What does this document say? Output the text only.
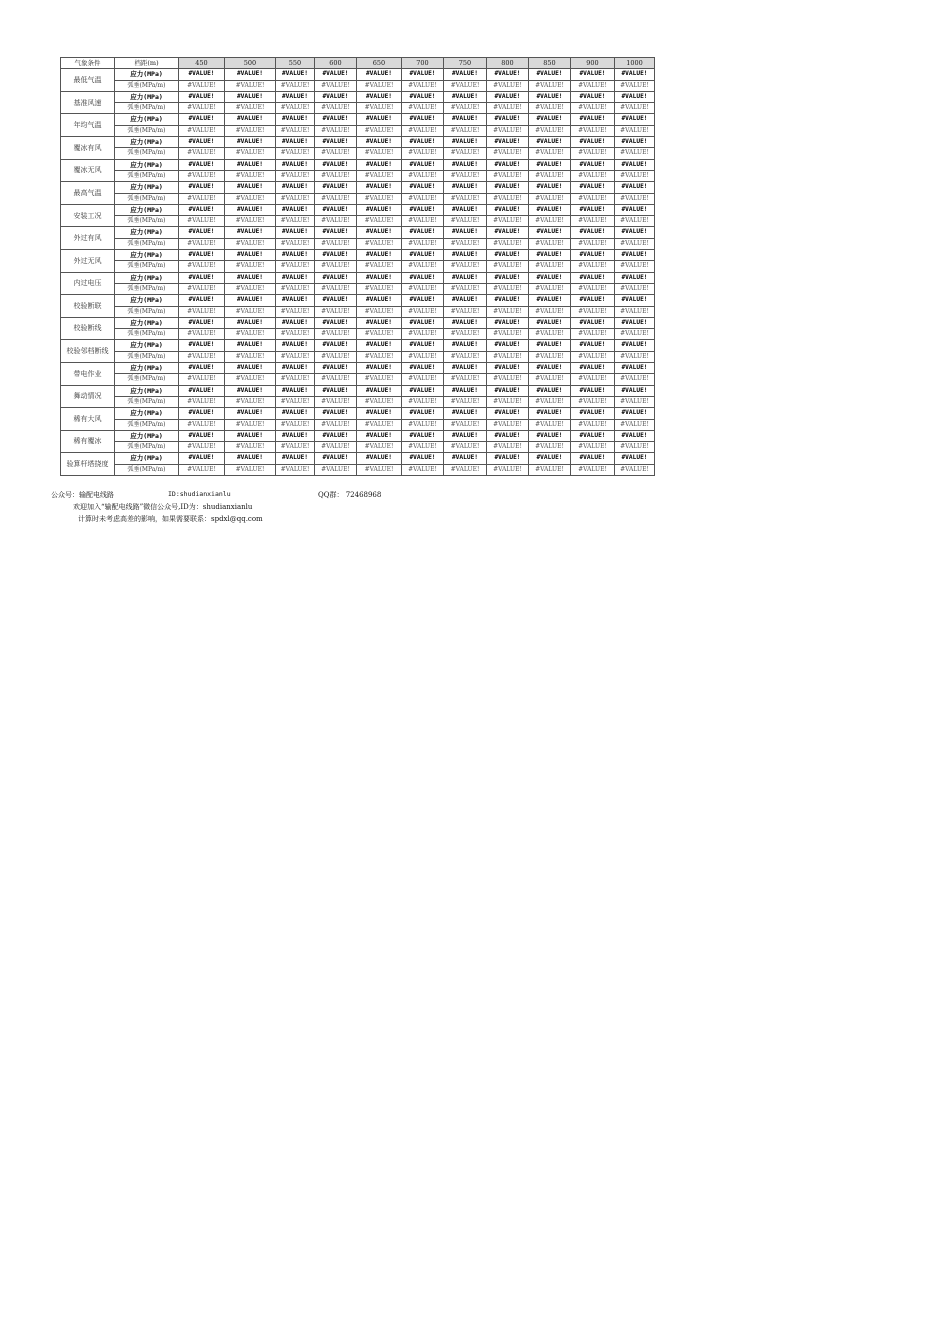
气象条件	档距(m)	450	500	550	600	650	700	750	800	850	900	1000
最低气温	应力(MPa)	#VALUE!	#VALUE!	#VALUE!	#VALUE!	#VALUE!	#VALUE!	#VALUE!	#VALUE!	#VALUE!	#VALUE!	#VALUE!
	弧垂(MPa/m)	#VALUE!	#VALUE!	#VALUE!	#VALUE!	#VALUE!	#VALUE!	#VALUE!	#VALUE!	#VALUE!	#VALUE!	#VALUE!
基准风速	应力(MPa)	#VALUE!	#VALUE!	#VALUE!	#VALUE!	#VALUE!	#VALUE!	#VALUE!	#VALUE!	#VALUE!	#VALUE!	#VALUE!
	弧垂(MPa/m)	#VALUE!	#VALUE!	#VALUE!	#VALUE!	#VALUE!	#VALUE!	#VALUE!	#VALUE!	#VALUE!	#VALUE!	#VALUE!
年均气温	应力(MPa)	#VALUE!	#VALUE!	#VALUE!	#VALUE!	#VALUE!	#VALUE!	#VALUE!	#VALUE!	#VALUE!	#VALUE!	#VALUE!
	弧垂(MPa/m)	#VALUE!	#VALUE!	#VALUE!	#VALUE!	#VALUE!	#VALUE!	#VALUE!	#VALUE!	#VALUE!	#VALUE!	#VALUE!
覆冰有风	应力(MPa)	#VALUE!	#VALUE!	#VALUE!	#VALUE!	#VALUE!	#VALUE!	#VALUE!	#VALUE!	#VALUE!	#VALUE!	#VALUE!
	弧垂(MPa/m)	#VALUE!	#VALUE!	#VALUE!	#VALUE!	#VALUE!	#VALUE!	#VALUE!	#VALUE!	#VALUE!	#VALUE!	#VALUE!
覆冰无风	应力(MPa)	#VALUE!	#VALUE!	#VALUE!	#VALUE!	#VALUE!	#VALUE!	#VALUE!	#VALUE!	#VALUE!	#VALUE!	#VALUE!
	弧垂(MPa/m)	#VALUE!	#VALUE!	#VALUE!	#VALUE!	#VALUE!	#VALUE!	#VALUE!	#VALUE!	#VALUE!	#VALUE!	#VALUE!
最高气温	应力(MPa)	#VALUE!	#VALUE!	#VALUE!	#VALUE!	#VALUE!	#VALUE!	#VALUE!	#VALUE!	#VALUE!	#VALUE!	#VALUE!
	弧垂(MPa/m)	#VALUE!	#VALUE!	#VALUE!	#VALUE!	#VALUE!	#VALUE!	#VALUE!	#VALUE!	#VALUE!	#VALUE!	#VALUE!
安装工况	应力(MPa)	#VALUE!	#VALUE!	#VALUE!	#VALUE!	#VALUE!	#VALUE!	#VALUE!	#VALUE!	#VALUE!	#VALUE!	#VALUE!
	弧垂(MPa/m)	#VALUE!	#VALUE!	#VALUE!	#VALUE!	#VALUE!	#VALUE!	#VALUE!	#VALUE!	#VALUE!	#VALUE!	#VALUE!
外过有风	应力(MPa)	#VALUE!	#VALUE!	#VALUE!	#VALUE!	#VALUE!	#VALUE!	#VALUE!	#VALUE!	#VALUE!	#VALUE!	#VALUE!
	弧垂(MPa/m)	#VALUE!	#VALUE!	#VALUE!	#VALUE!	#VALUE!	#VALUE!	#VALUE!	#VALUE!	#VALUE!	#VALUE!	#VALUE!
外过无风	应力(MPa)	#VALUE!	#VALUE!	#VALUE!	#VALUE!	#VALUE!	#VALUE!	#VALUE!	#VALUE!	#VALUE!	#VALUE!	#VALUE!
	弧垂(MPa/m)	#VALUE!	#VALUE!	#VALUE!	#VALUE!	#VALUE!	#VALUE!	#VALUE!	#VALUE!	#VALUE!	#VALUE!	#VALUE!
内过电压	应力(MPa)	#VALUE!	#VALUE!	#VALUE!	#VALUE!	#VALUE!	#VALUE!	#VALUE!	#VALUE!	#VALUE!	#VALUE!	#VALUE!
	弧垂(MPa/m)	#VALUE!	#VALUE!	#VALUE!	#VALUE!	#VALUE!	#VALUE!	#VALUE!	#VALUE!	#VALUE!	#VALUE!	#VALUE!
校验断联	应力(MPa)	#VALUE!	#VALUE!	#VALUE!	#VALUE!	#VALUE!	#VALUE!	#VALUE!	#VALUE!	#VALUE!	#VALUE!	#VALUE!
	弧垂(MPa/m)	#VALUE!	#VALUE!	#VALUE!	#VALUE!	#VALUE!	#VALUE!	#VALUE!	#VALUE!	#VALUE!	#VALUE!	#VALUE!
校验断线	应力(MPa)	#VALUE!	#VALUE!	#VALUE!	#VALUE!	#VALUE!	#VALUE!	#VALUE!	#VALUE!	#VALUE!	#VALUE!	#VALUE!
	弧垂(MPa/m)	#VALUE!	#VALUE!	#VALUE!	#VALUE!	#VALUE!	#VALUE!	#VALUE!	#VALUE!	#VALUE!	#VALUE!	#VALUE!
校验邻档断线	应力(MPa)	#VALUE!	#VALUE!	#VALUE!	#VALUE!	#VALUE!	#VALUE!	#VALUE!	#VALUE!	#VALUE!	#VALUE!	#VALUE!
	弧垂(MPa/m)	#VALUE!	#VALUE!	#VALUE!	#VALUE!	#VALUE!	#VALUE!	#VALUE!	#VALUE!	#VALUE!	#VALUE!	#VALUE!
带电作业	应力(MPa)	#VALUE!	#VALUE!	#VALUE!	#VALUE!	#VALUE!	#VALUE!	#VALUE!	#VALUE!	#VALUE!	#VALUE!	#VALUE!
	弧垂(MPa/m)	#VALUE!	#VALUE!	#VALUE!	#VALUE!	#VALUE!	#VALUE!	#VALUE!	#VALUE!	#VALUE!	#VALUE!	#VALUE!
舞动情况	应力(MPa)	#VALUE!	#VALUE!	#VALUE!	#VALUE!	#VALUE!	#VALUE!	#VALUE!	#VALUE!	#VALUE!	#VALUE!	#VALUE!
	弧垂(MPa/m)	#VALUE!	#VALUE!	#VALUE!	#VALUE!	#VALUE!	#VALUE!	#VALUE!	#VALUE!	#VALUE!	#VALUE!	#VALUE!
稀有大风	应力(MPa)	#VALUE!	#VALUE!	#VALUE!	#VALUE!	#VALUE!	#VALUE!	#VALUE!	#VALUE!	#VALUE!	#VALUE!	#VALUE!
	弧垂(MPa/m)	#VALUE!	#VALUE!	#VALUE!	#VALUE!	#VALUE!	#VALUE!	#VALUE!	#VALUE!	#VALUE!	#VALUE!	#VALUE!
稀有覆冰	应力(MPa)	#VALUE!	#VALUE!	#VALUE!	#VALUE!	#VALUE!	#VALUE!	#VALUE!	#VALUE!	#VALUE!	#VALUE!	#VALUE!
	弧垂(MPa/m)	#VALUE!	#VALUE!	#VALUE!	#VALUE!	#VALUE!	#VALUE!	#VALUE!	#VALUE!	#VALUE!	#VALUE!	#VALUE!
验算杆塔挠度	应力(MPa)	#VALUE!	#VALUE!	#VALUE!	#VALUE!	#VALUE!	#VALUE!	#VALUE!	#VALUE!	#VALUE!	#VALUE!	#VALUE!
	弧垂(MPa/m)	#VALUE!	#VALUE!	#VALUE!	#VALUE!	#VALUE!	#VALUE!	#VALUE!	#VALUE!	#VALUE!	#VALUE!	#VALUE!
公众号：输配电线路	ID:shudianxianlu	QQ群： 72468968
欢迎加入“输配电线路”微信公众号,ID为：shudianxianlu
计算时未考虑高差的影响，如果需要联系：spdxl@qq.com
